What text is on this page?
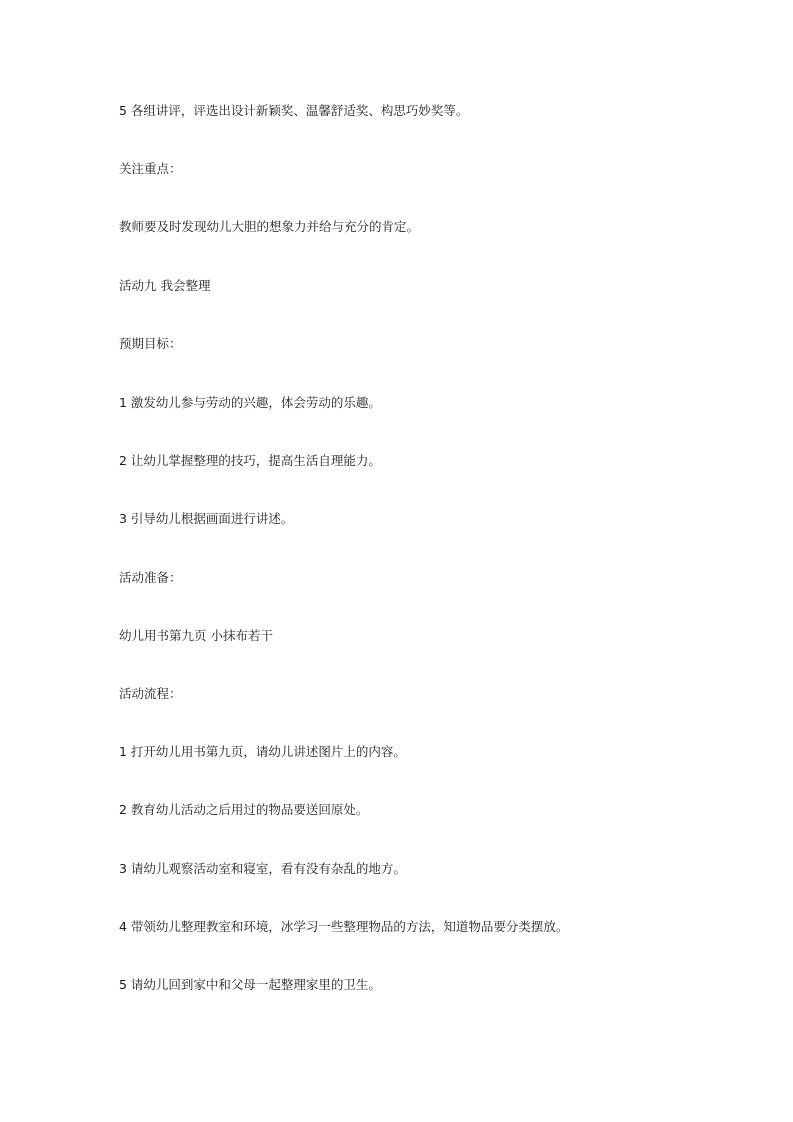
5 各组讲评，评选出设计新颖奖、温馨舒适奖、构思巧妙奖等。
关注重点：
教师要及时发现幼儿大胆的想象力并给与充分的肯定。
活动九 我会整理
预期目标：
1 激发幼儿参与劳动的兴趣，体会劳动的乐趣。
2 让幼儿掌握整理的技巧，提高生活自理能力。
3 引导幼儿根据画面进行讲述。
活动准备：
幼儿用书第九页 小抹布若干
活动流程：
1 打开幼儿用书第九页，请幼儿讲述图片上的内容。
2 教育幼儿活动之后用过的物品要送回原处。
3 请幼儿观察活动室和寝室，看有没有杂乱的地方。
4 带领幼儿整理教室和环境，冰学习一些整理物品的方法，知道物品要分类摆放。
5 请幼儿回到家中和父母一起整理家里的卫生。
